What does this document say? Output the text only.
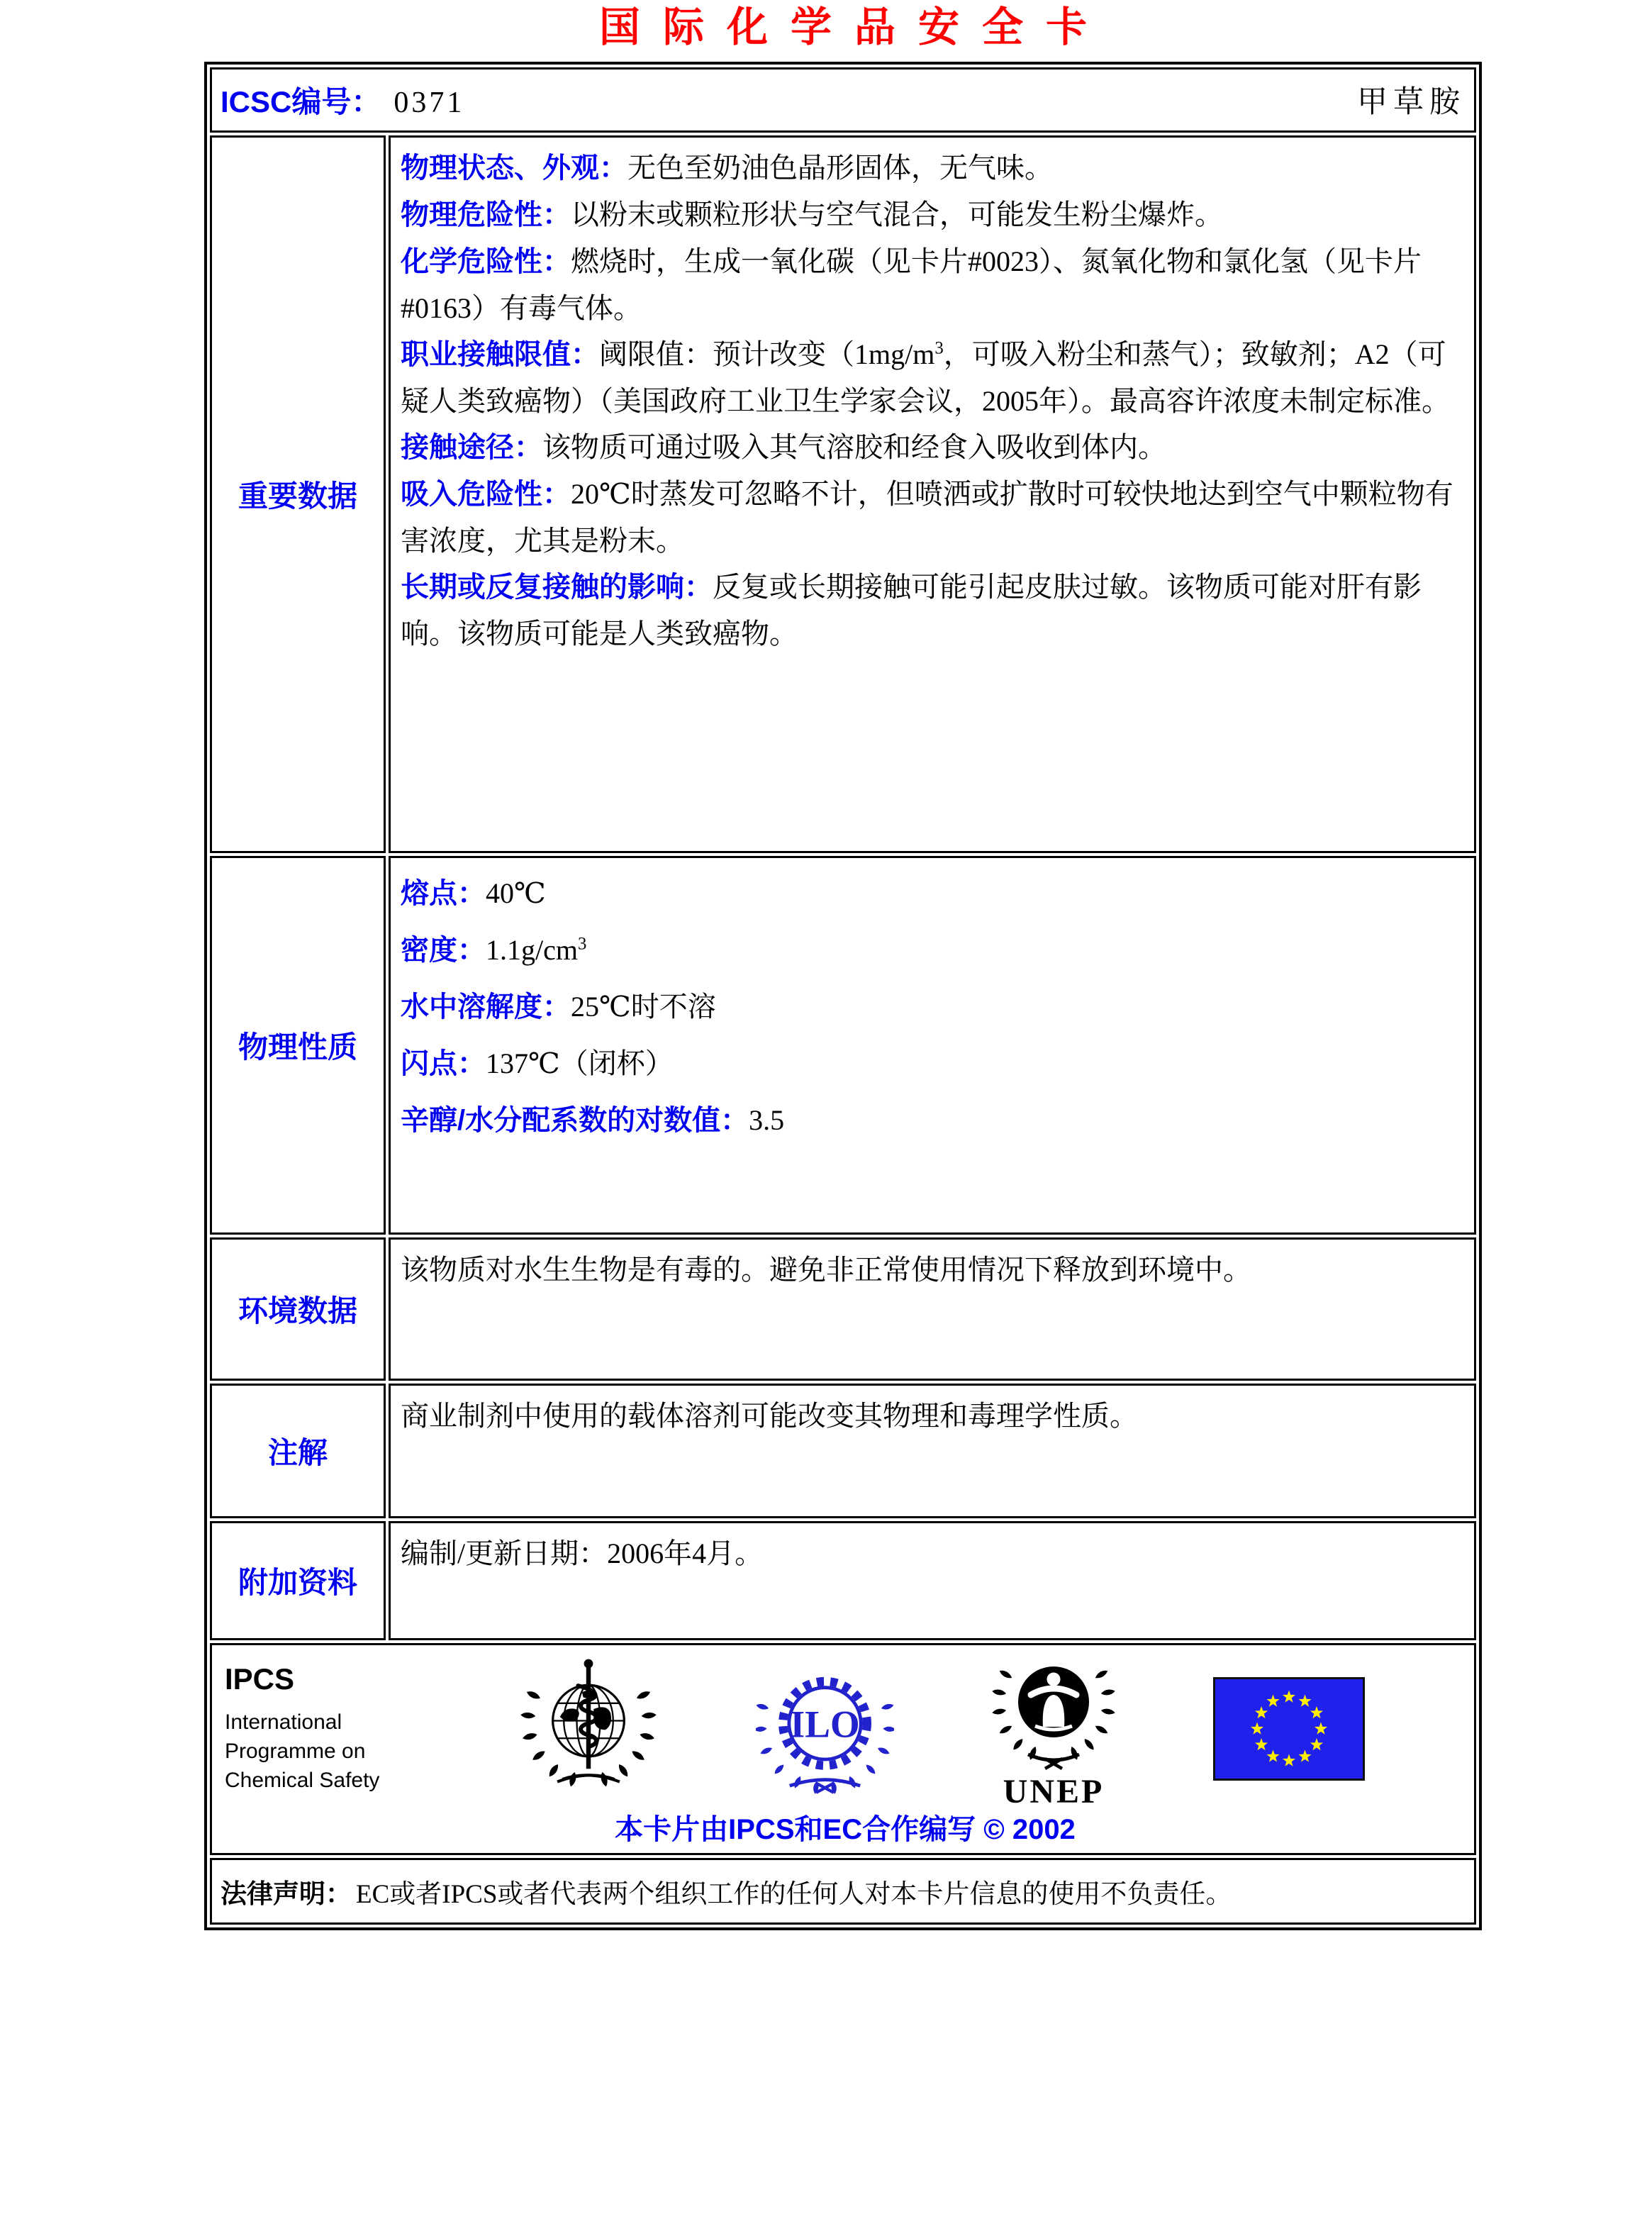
国际化学品安全卡
ICSC编号： 0371 甲草胺	

重要数据	
物理状态、外观：无色至奶油色晶形固体，无气味。
物理危险性：以粉末或颗粒形状与空气混合，可能发生粉尘爆炸。
化学危险性：燃烧时，生成一氧化碳（见卡片#0023）、氮氧化物和氯化氢（见卡片#0163）有毒气体。
职业接触限值：阈限值：预计改变（$1mg/m^3$，可吸入粉尘和蒸气）；致敏剂；A2（可疑人类致癌物）（美国政府工业卫生学家会议，2005年）。最高容许浓度未制定标准。
接触途径：该物质可通过吸入其气溶胶和经食入吸收到体内。
吸入危险性：20℃时蒸发可忽略不计，但喷洒或扩散时可较快地达到空气中颗粒物有害浓度，尤其是粉末。
长期或反复接触的影响：反复或长期接触可能引起皮肤过敏。该物质可能对肝有影响。该物质可能是人类致癌物。

物理性质	熔点：40℃
密度：$1.1g/cm^3$
水中溶解度：25℃时不溶
闪点：137℃（闭杯）
辛醇/水分配系数的对数值：3.5

环境数据	该物质对水生生物是有毒的。避免非正常使用情况下释放到环境中。

注解	商业制剂中使用的载体溶剂可能改变其物理和毒理学性质。

附加资料	编制/更新日期：2006年4月。

IPCS
International
Programme on
Chemical Safety
ILO
UNEP
本卡片由IPCS和EC合作编写 © 2002

法律声明： EC或者IPCS或者代表两个组织工作的任何人对本卡片信息的使用不负责任。	
